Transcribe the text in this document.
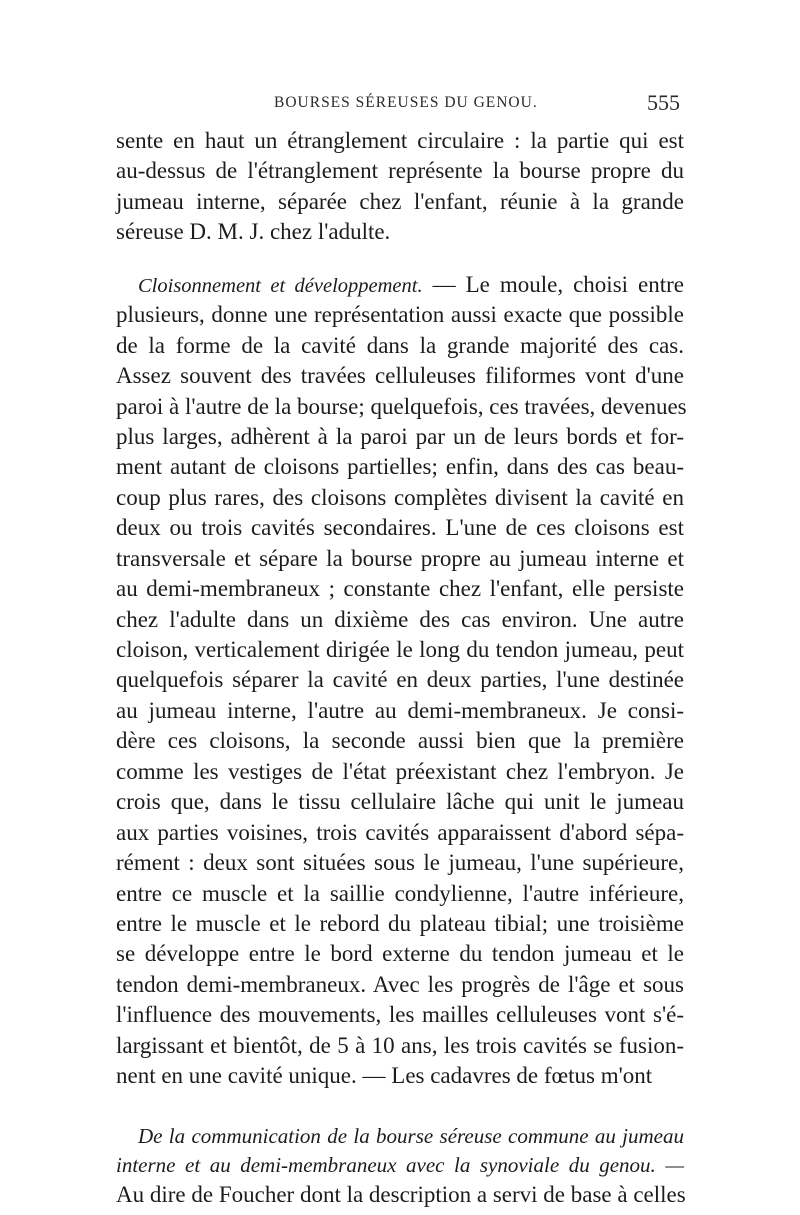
BOURSES SÉREUSES DU GENOU.	555
sente en haut un étranglement circulaire : la partie qui est
au-dessus de l'étranglement représente la bourse propre du
jumeau interne, séparée chez l'enfant, réunie à la grande
séreuse D. M. J. chez l'adulte.
Cloisonnement et développement. — Le moule, choisi entre
plusieurs, donne une représentation aussi exacte que possible
de la forme de la cavité dans la grande majorité des cas.
Assez souvent des travées celluleuses filiformes vont d'une
paroi à l'autre de la bourse; quelquefois, ces travées, devenues
plus larges, adhèrent à la paroi par un de leurs bords et for-
ment autant de cloisons partielles; enfin, dans des cas beau-
coup plus rares, des cloisons complètes divisent la cavité en
deux ou trois cavités secondaires. L'une de ces cloisons est
transversale et sépare la bourse propre au jumeau interne et
au demi-membraneux ; constante chez l'enfant, elle persiste
chez l'adulte dans un dixième des cas environ. Une autre
cloison, verticalement dirigée le long du tendon jumeau, peut
quelquefois séparer la cavité en deux parties, l'une destinée
au jumeau interne, l'autre au demi-membraneux. Je consi-
dère ces cloisons, la seconde aussi bien que la première
comme les vestiges de l'état préexistant chez l'embryon. Je
crois que, dans le tissu cellulaire lâche qui unit le jumeau
aux parties voisines, trois cavités apparaissent d'abord sépa-
rément : deux sont situées sous le jumeau, l'une supérieure,
entre ce muscle et la saillie condylienne, l'autre inférieure,
entre le muscle et le rebord du plateau tibial; une troisième
se développe entre le bord externe du tendon jumeau et le
tendon demi-membraneux. Avec les progrès de l'âge et sous
l'influence des mouvements, les mailles celluleuses vont s'é-
largissant et bientôt, de 5 à 10 ans, les trois cavités se fusion-
nent en une cavité unique. — Les cadavres de fœtus m'ont
De la communication de la bourse séreuse commune au jumeau
interne et au demi-membraneux avec la synoviale du genou. —
Au dire de Foucher dont la description a servi de base à celles
